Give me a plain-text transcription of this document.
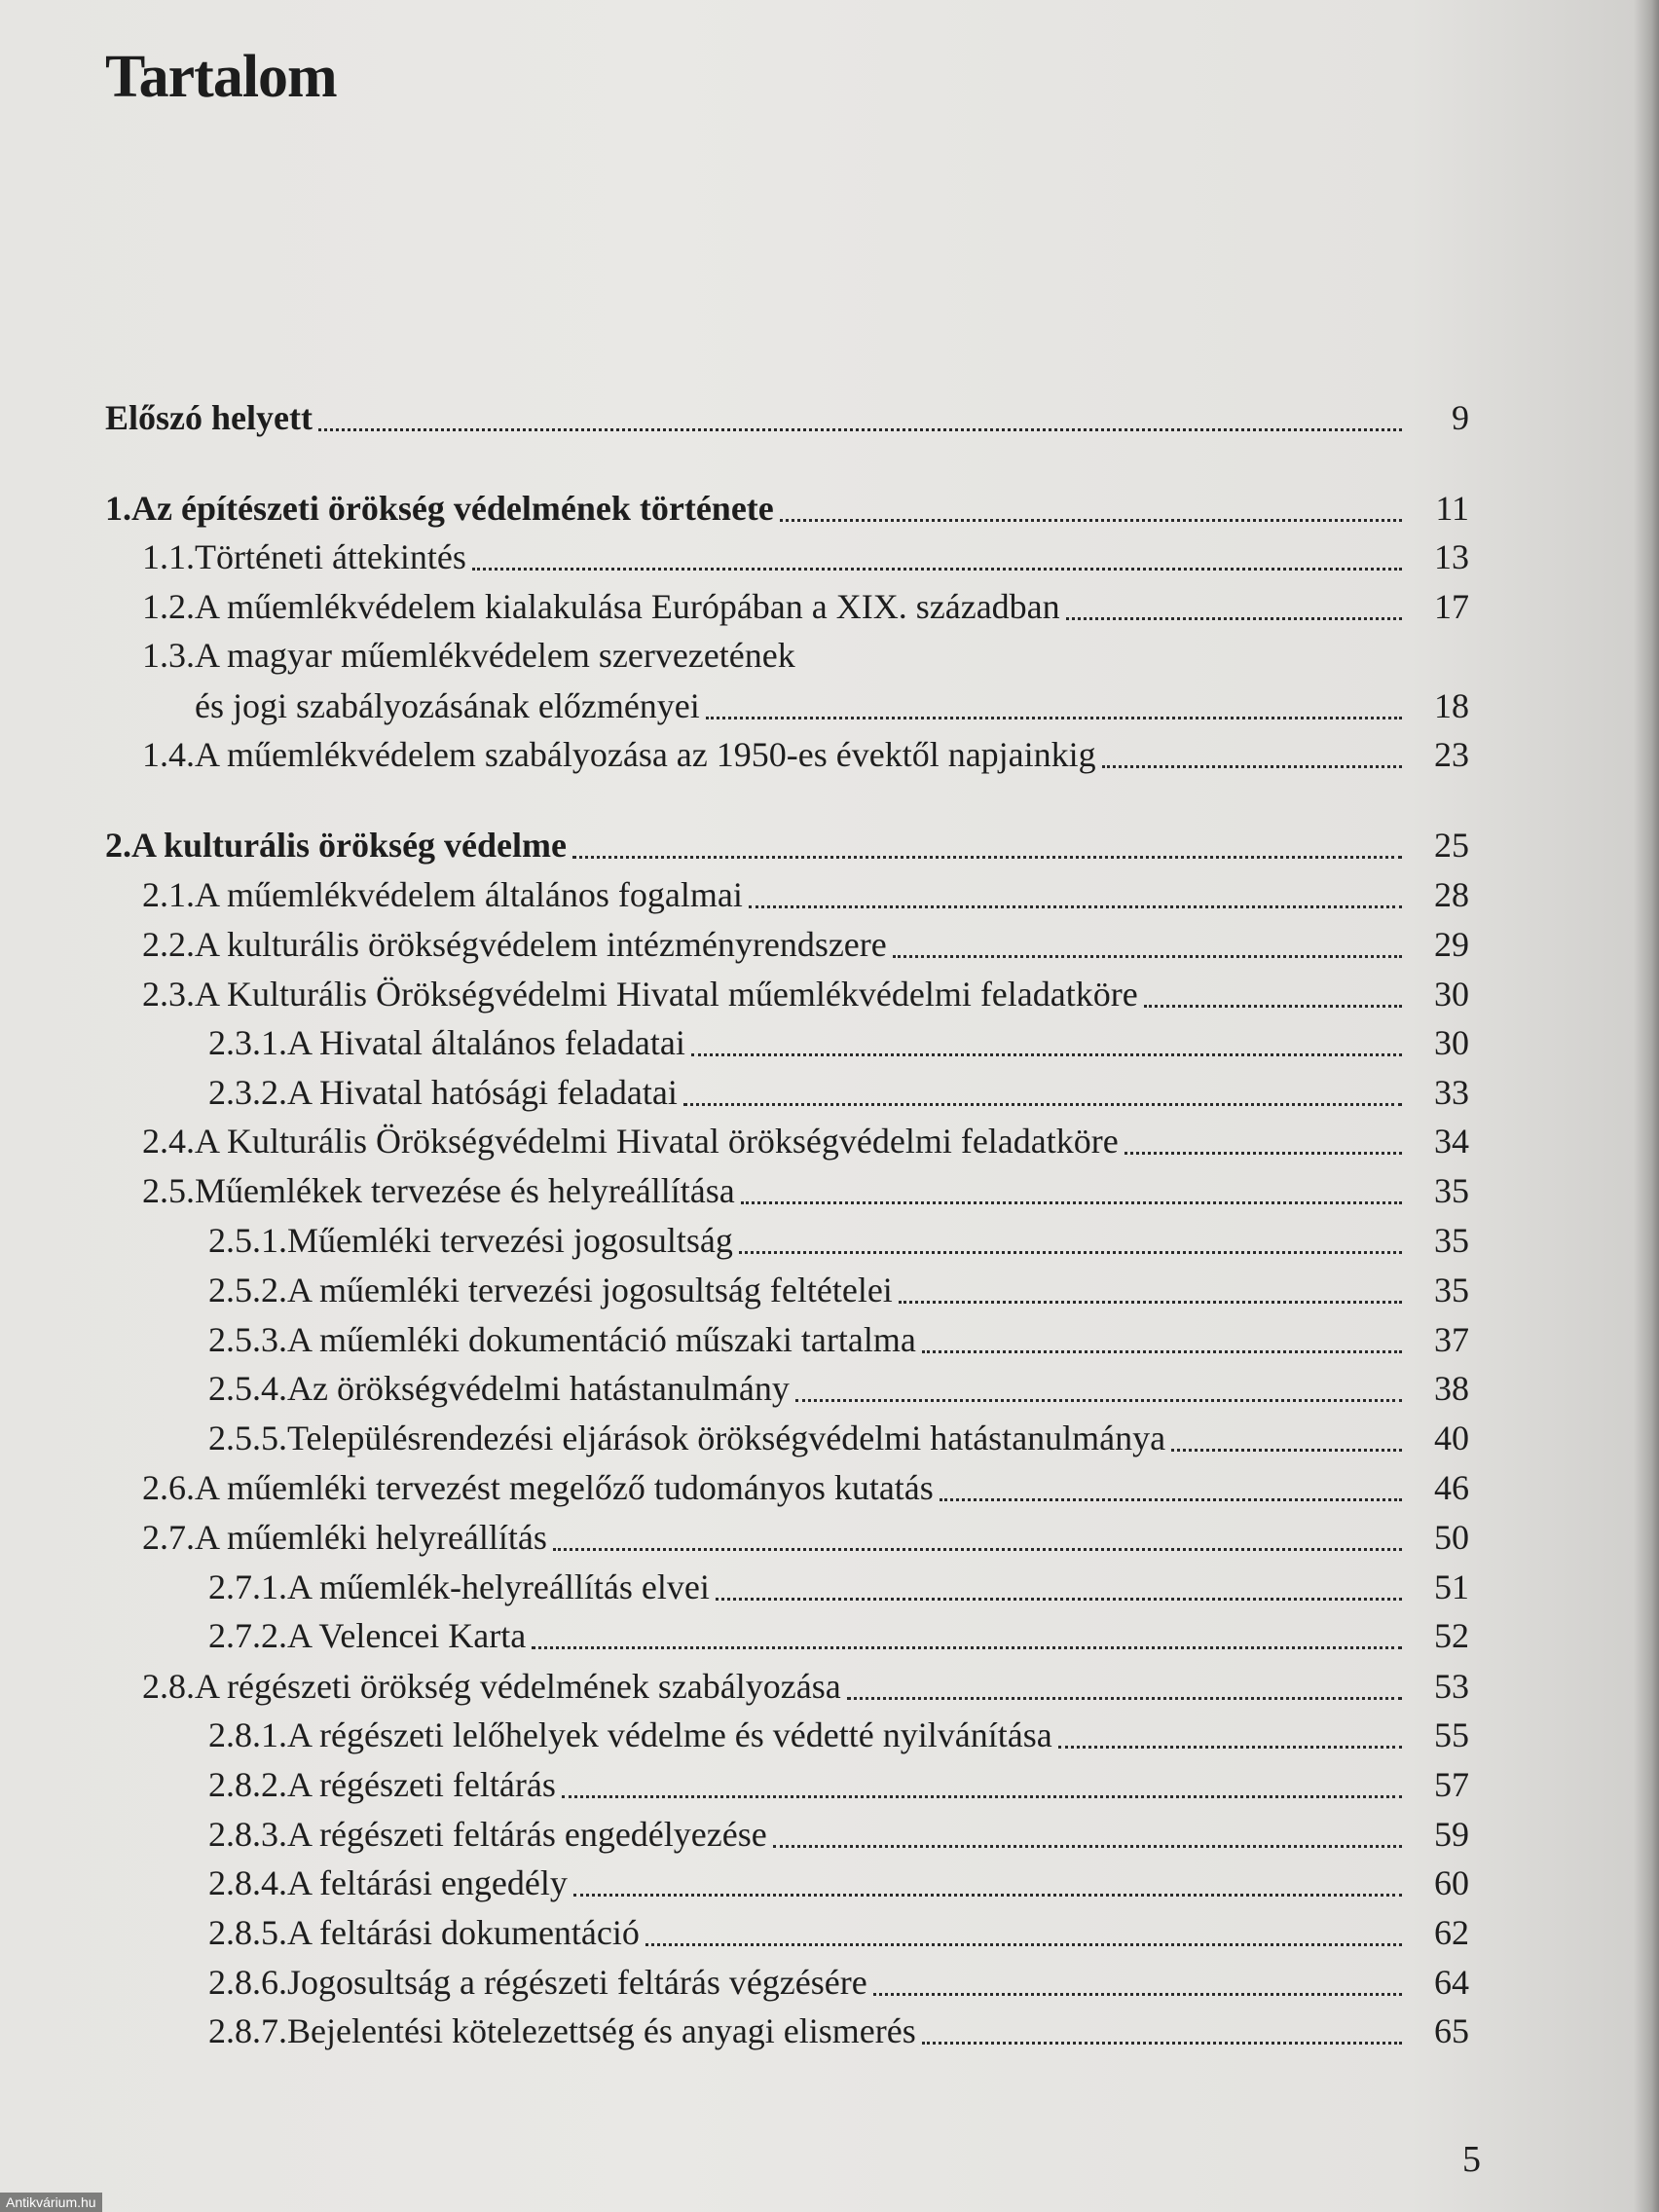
Tartalom
Előszó helyett	9
1. Az építészeti örökség védelmének története	11
1.1. Történeti áttekintés	13
1.2. A műemlékvédelem kialakulása Európában a XIX. században	17
1.3. A magyar műemlékvédelem szervezetének
és jogi szabályozásának előzményei	18
1.4. A műemlékvédelem szabályozása az 1950-es évektől napjainkig	23
2. A kulturális örökség védelme	25
2.1. A műemlékvédelem általános fogalmai	28
2.2. A kulturális örökségvédelem intézményrendszere	29
2.3. A Kulturális Örökségvédelmi Hivatal műemlékvédelmi feladatköre	30
2.3.1. A Hivatal általános feladatai	30
2.3.2. A Hivatal hatósági feladatai	33
2.4. A Kulturális Örökségvédelmi Hivatal örökségvédelmi feladatköre	34
2.5. Műemlékek tervezése és helyreállítása	35
2.5.1. Műemléki tervezési jogosultság	35
2.5.2. A műemléki tervezési jogosultság feltételei	35
2.5.3. A műemléki dokumentáció műszaki tartalma	37
2.5.4. Az örökségvédelmi hatástanulmány	38
2.5.5. Településrendezési eljárások örökségvédelmi hatástanulmánya	40
2.6. A műemléki tervezést megelőző tudományos kutatás	46
2.7. A műemléki helyreállítás	50
2.7.1. A műemlék-helyreállítás elvei	51
2.7.2. A Velencei Karta	52
2.8. A régészeti örökség védelmének szabályozása	53
2.8.1. A régészeti lelőhelyek védelme és védetté nyilvánítása	55
2.8.2. A régészeti feltárás	57
2.8.3. A régészeti feltárás engedélyezése	59
2.8.4. A feltárási engedély	60
2.8.5. A feltárási dokumentáció	62
2.8.6. Jogosultság a régészeti feltárás végzésére	64
2.8.7. Bejelentési kötelezettség és anyagi elismerés	65
5
Antikvárium.hu
